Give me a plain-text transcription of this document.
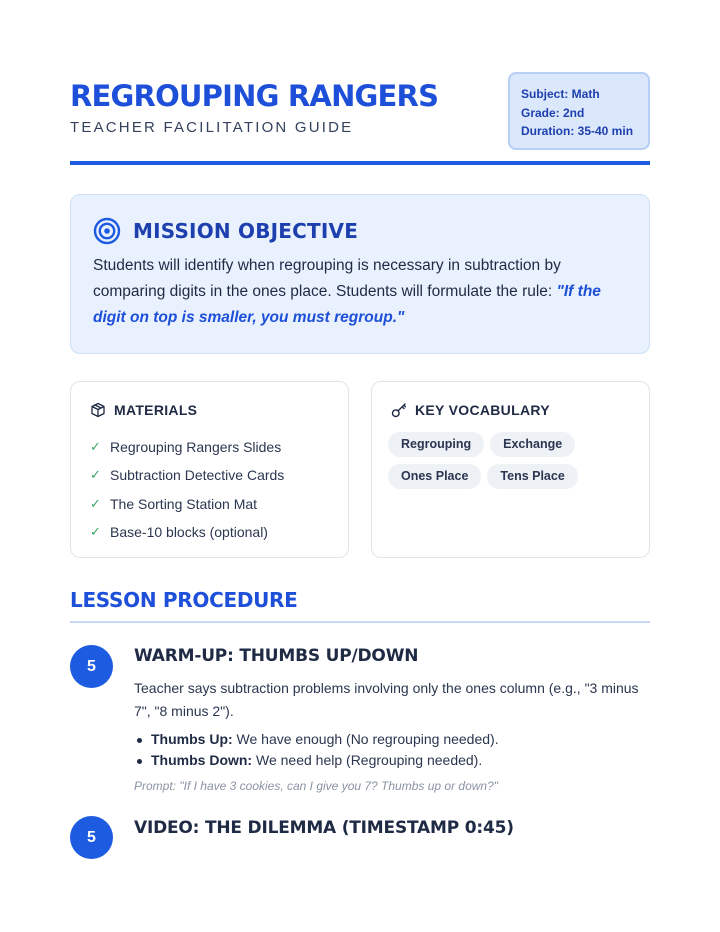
REGROUPING RANGERS
TEACHER FACILITATION GUIDE
Subject: Math
Grade: 2nd
Duration: 35-40 min
MISSION OBJECTIVE
Students will identify when regrouping is necessary in subtraction by comparing digits in the ones place. Students will formulate the rule: "If the digit on top is smaller, you must regroup."
MATERIALS
✓ Regrouping Rangers Slides
✓ Subtraction Detective Cards
✓ The Sorting Station Mat
✓ Base-10 blocks (optional)
KEY VOCABULARY
Regrouping	Exchange
Ones Place	Tens Place
LESSON PROCEDURE
5
WARM-UP: THUMBS UP/DOWN
Teacher says subtraction problems involving only the ones column (e.g., "3 minus 7", "8 minus 2").
Thumbs Up: We have enough (No regrouping needed).
Thumbs Down: We need help (Regrouping needed).
Prompt: "If I have 3 cookies, can I give you 7? Thumbs up or down?"
5	VIDEO: THE DILEMMA (TIMESTAMP 0:45)
